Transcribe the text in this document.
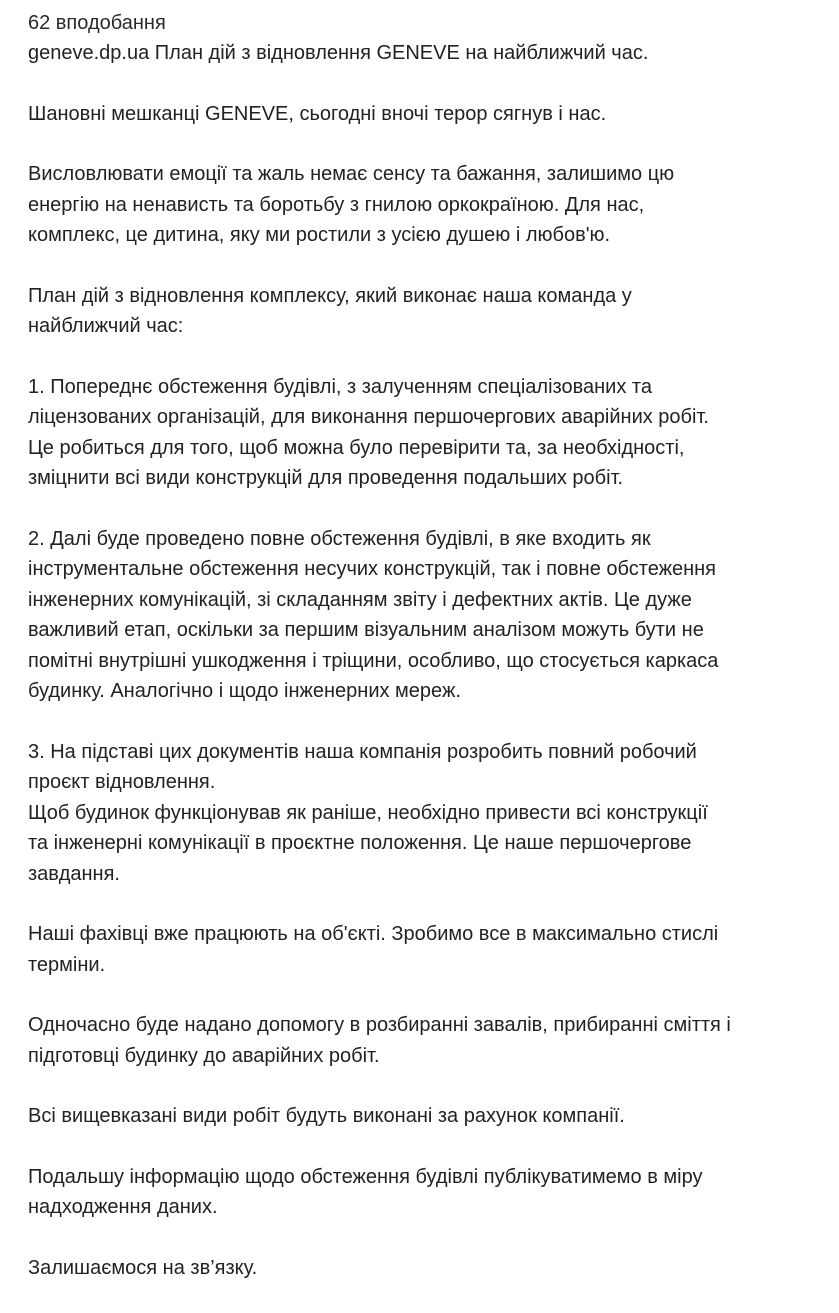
62 вподобання

geneve.dp.ua План дій з відновлення GENEVE на найближчий час.

Шановні мешканці GENEVE, сьогодні вночі терор сягнув і нас.

Висловлювати емоції та жаль немає сенсу та бажання, залишимо цю
енергію на ненависть та боротьбу з гнилою оркокраїною. Для нас,
комплекс, це дитина, яку ми ростили з усією душею і любов'ю.

План дій з відновлення комплексу, який виконає наша команда у
найближчий час:

1. Попереднє обстеження будівлі, з залученням спеціалізованих та
ліцензованих організацій, для виконання першочергових аварійних робіт.
Це робиться для того, щоб можна було перевірити та, за необхідності,
зміцнити всі види конструкцій для проведення подальших робіт.

2. Далі буде проведено повне обстеження будівлі, в яке входить як
інструментальне обстеження несучих конструкцій, так і повне обстеження
інженерних комунікацій, зі складанням звіту і дефектних актів. Це дуже
важливий етап, оскільки за першим візуальним аналізом можуть бути не
помітні внутрішні ушкодження і тріщини, особливо, що стосується каркаса
будинку. Аналогічно і щодо інженерних мереж.

3. На підставі цих документів наша компанія розробить повний робочий
проєкт відновлення.
Щоб будинок функціонував як раніше, необхідно привести всі конструкції
та інженерні комунікації в проєктне положення. Це наше першочергове
завдання.

Наші фахівці вже працюють на об'єкті. Зробимо все в максимально стислі
терміни.

Одночасно буде надано допомогу в розбиранні завалів, прибиранні сміття і
підготовці будинку до аварійних робіт.

Всі вищевказані види робіт будуть виконані за рахунок компанії.

Подальшу інформацію щодо обстеження будівлі публікуватимемо в міру
надходження даних.

Залишаємося на зв’язку.
